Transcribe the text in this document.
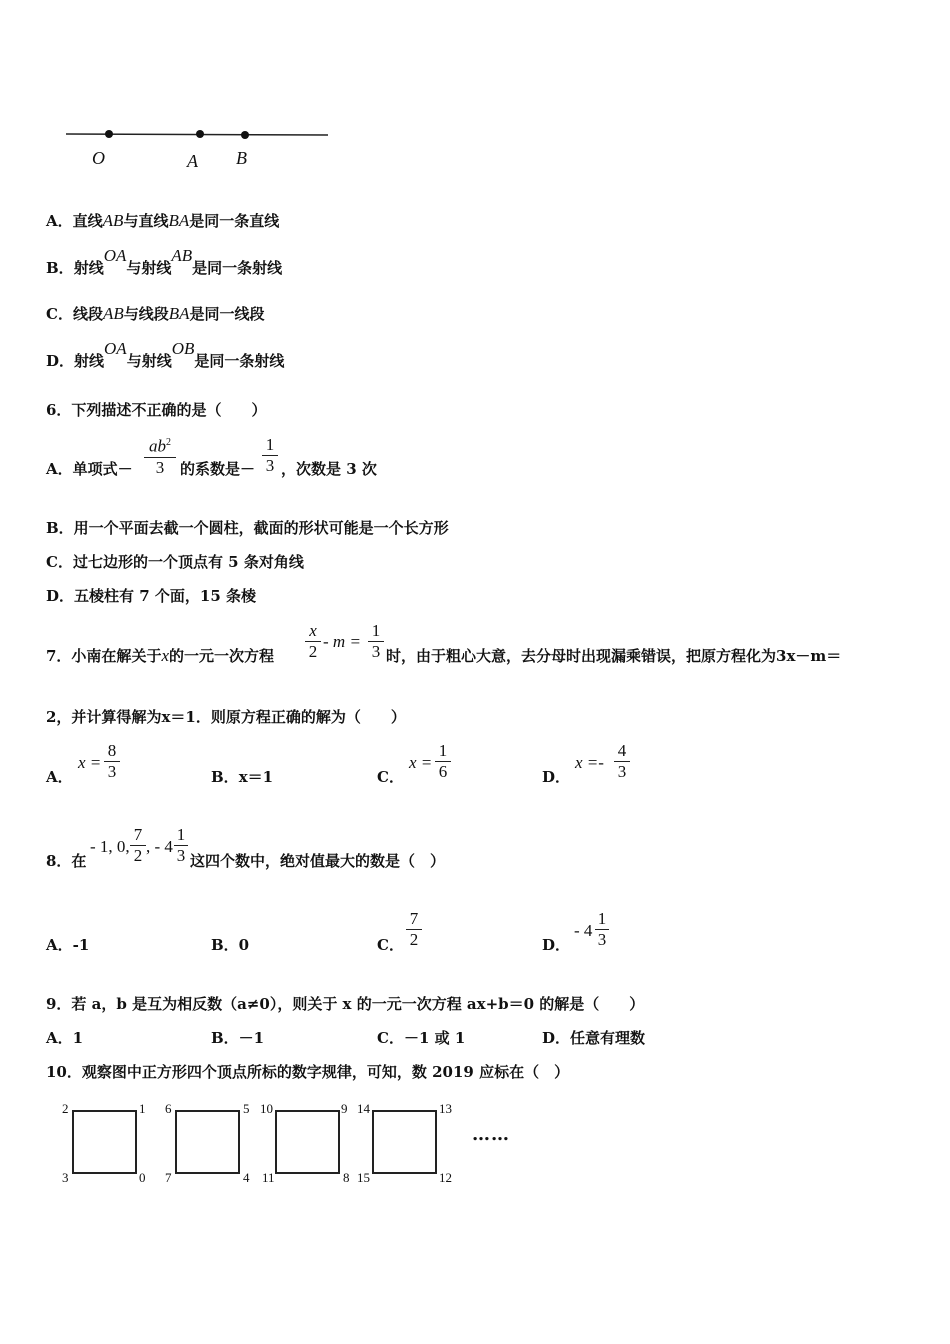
O	A B
A．直线AB与直线BA是同一条直线
B．射线OA与射线AB是同一条射线
C．线段AB与线段BA是同一线段
D．射线OA与射线OB是同一条射线
6．下列描述不正确的是（　　）
A．单项式－
$ab^2$
3	的系数是－
1
3 ，次数是 3 次
B．用一个平面去截一个圆柱，截面的形状可能是一个长方形
C．过七边形的一个顶点有 5 条对角线
D．五棱柱有 7 个面，15 条棱
7．小南在解关于x的一元一次方程
x
2
- m =
1
3 时，由于粗心大意，去分母时出现漏乘错误，把原方程化为3x－m＝
2，并计算得解为x＝1．则原方程正确的解为（　　）
A．
x =
8
3	B．x＝1	C．
x =
1
6	D．
x =-
4
3
8．在
- 1, 0,
7
2 , - 4
1
3 这四个数中，绝对值最大的数是（　）
A．-1	B．0	C．
7
2	D．
- 4
1
3
9．若 a，b 是互为相反数（a≠0），则关于 x 的一元一次方程 ax+b＝0 的解是（　　）
A．1	B．－1	C．－1 或 1	D．任意有理数
10．观察图中正方形四个顶点所标的数字规律，可知，数 2019 应标在（　）
2	1
3	0
6	5
7	4
10	9
11	8
14	13
15	12
……
